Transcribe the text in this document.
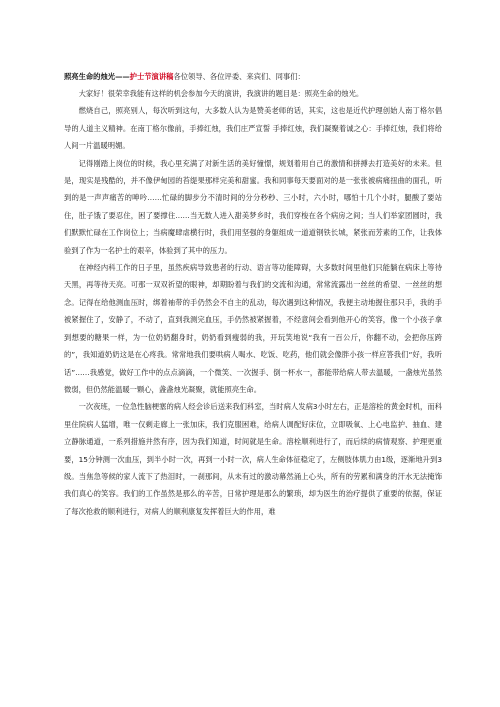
照亮生命的烛光——护士节演讲稿各位领导、各位评委、来宾们、同事们：

大家好！很荣幸我能有这样的机会参加今天的演讲，我演讲的题目是：照亮生命的烛光。

燃烧自己，照亮别人，每次听到这句，大多数人认为是赞美老师的话，其实，这也是近代护理创始人南丁格尔倡导的人道主义精神。在南丁格尔像前，手捧红烛，我们庄严宣誓 手捧红烛，我们凝聚着诚之心：手捧红烛，我们将给人间一片温暖明媚。

记得刚踏上岗位的时候，我心里充满了对新生活的美好憧憬，规划着用自己的激情和拼搏去打造美好的未来。但是，现实是残酷的，并不像伊甸园的苔缇果那样完美和甜蜜。我和同事每天要面对的是一张张被病痛扭曲的面孔，听到的是一声声痛苦的呻吟……忙碌的脚步分不清时间的分分秒秒、三小时，六小时，哪怕十几个小时，腿酸了要站住，肚子饿了要忍住，困了要撑住……当无数人进入甜美梦乡时，我们穿梭在各个病房之间；当人们举家团圆时，我们默默忙碌在工作岗位上；当病魔肆虐横行时，我们用坚强的身躯组成一道道钢铁长城，紧张而芳素的工作，让我体验到了作为一名护士的艰辛，体验到了其中的压力。

在神经内科工作的日子里，虽然疾病导致患者的行动、语言等功能障碍，大多数时间里他们只能躺在病床上等待天黑，再等待天亮。可那一双双祈望的眼神，却期盼着与我们的交流和沟通，常常流露出一丝丝的希望、一丝丝的想念。记得在给他测血压时，绑着袖带的手仍然会不自主的乱动，每次遇到这种情况，我便主动地握住那只手，我的手被紧握住了，安静了，不动了，直到我测完血压，手仍然被紧握着，不经意间会看到他开心的笑容，像一个小孩子拿到想要的糖果一样，为一位奶奶翻身时，奶奶看到瘦弱的我，开玩笑地说“我有一百公斤，你翻不动，会把你压跨的”，我知道奶奶这是在心疼我。常常地我们要哄病人喝水、吃饭、吃药，他们就会像胖小孩一样应答我们“好，我听话”……我感觉，做好工作中的点点滴滴，一个微笑、一次握手、倒一杯水一，都能带给病人带去温暖，一盏烛光虽然微弱，但仍然能温暖一颗心，盏盏烛光凝聚，就能照亮生命。

一次夜班，一位急性脑梗塞的病人经会诊后送来我们科室，当时病人发病3小时左右，正是溶栓的黄金时机，而科里住院病人猛增，唯一仅剩走廊上一张加床，我们克服困难，给病人调配好床位，立即吸氧、上心电监护、抽血、建立静脉通道，一系列措施井然有序，因为我们知道，时间就是生命。溶栓顺利进行了，而后续的病情观察、护理更重要，15分钟测一次血压，到半小时一次，再到一小时一次，病人生命体征稳定了，左侧肢体肌力由1级，逐渐地升到3级。当焦急等候的家人流下了热泪时，一刹那间，从未有过的激动幕然涌上心头，所有的劳累和满身的汗水无法掩饰我们真心的笑容。我们的工作虽然是那么的辛苦，日常护理是那么的繁琐，却为医生的治疗提供了重要的依据，保证了每次抢救的顺利进行，对病人的顺利康复发挥着巨大的作用，难
